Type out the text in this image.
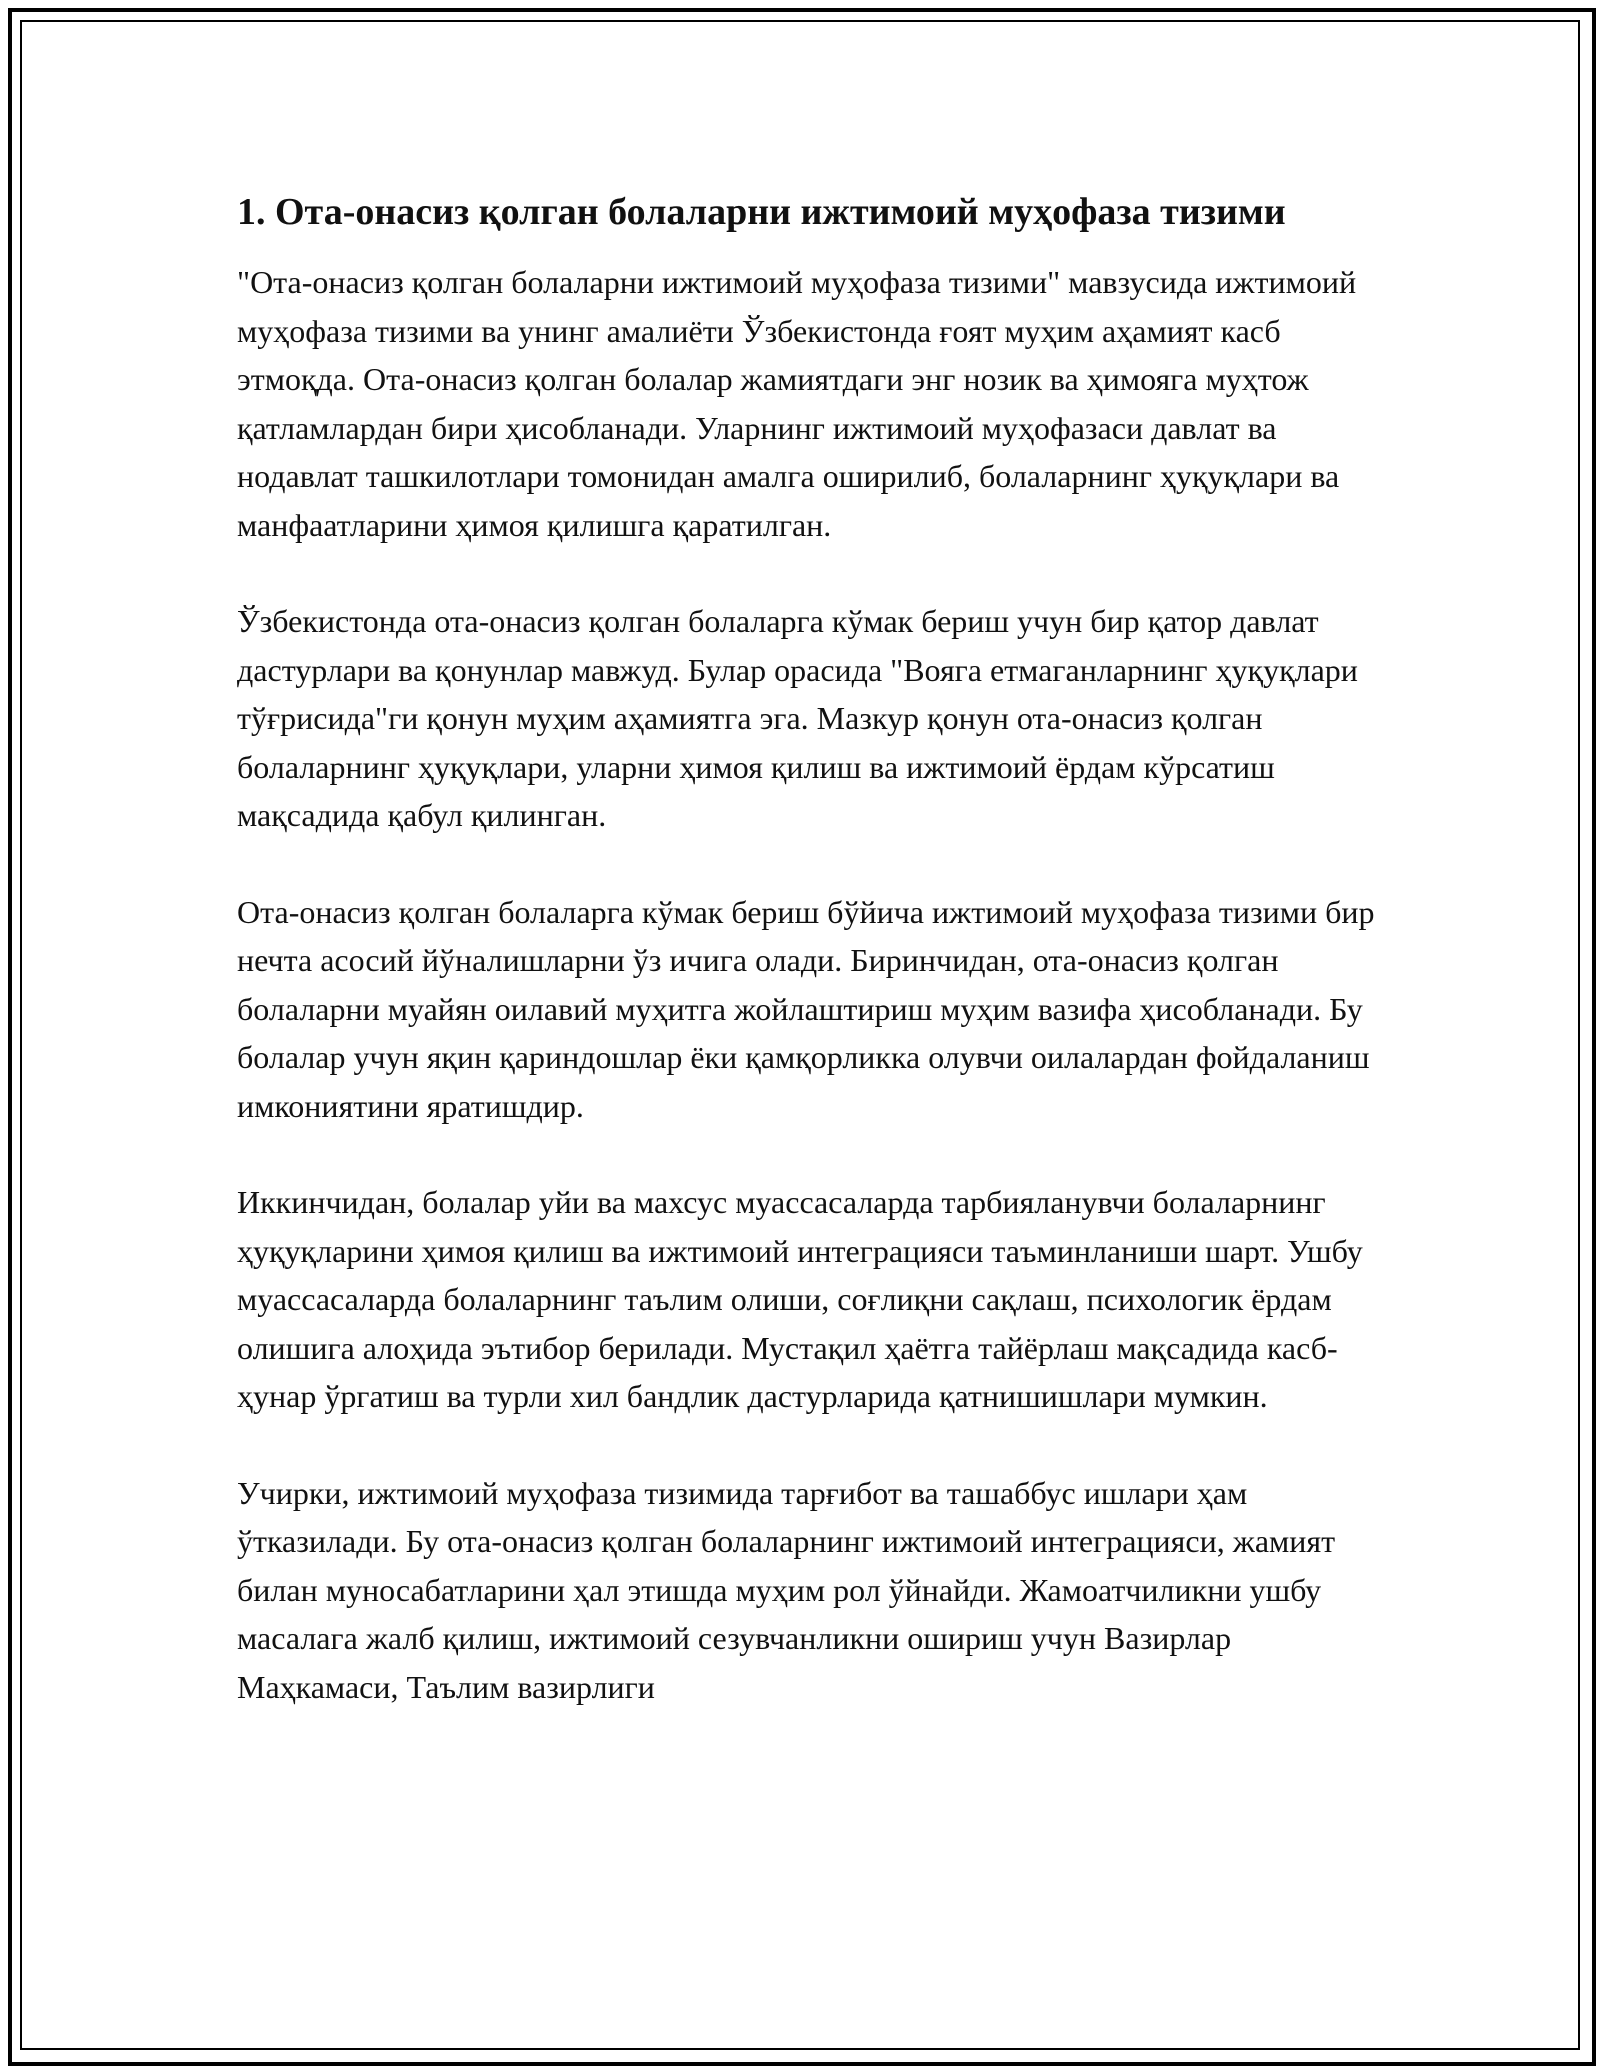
1. Ота-онасиз қолган болаларни ижтимоий муҳофаза тизими

"Ота-онасиз қолган болаларни ижтимоий муҳофаза тизими" мавзусида ижтимоий муҳофаза тизими ва унинг амалиёти Ўзбекистонда ғоят муҳим аҳамият касб этмоқда. Ота-онасиз қолган болалар жамиятдаги энг нозик ва ҳимояга муҳтож қатламлардан бири ҳисобланади. Уларнинг ижтимоий муҳофазаси давлат ва нодавлат ташкилотлари томонидан амалга оширилиб, болаларнинг ҳуқуқлари ва манфаатларини ҳимоя қилишга қаратилган.

Ўзбекистонда ота-онасиз қолган болаларга кўмак бериш учун бир қатор давлат дастурлари ва қонунлар мавжуд. Булар орасида "Вояга етмаганларнинг ҳуқуқлари тўғрисида"ги қонун муҳим аҳамиятга эга. Мазкур қонун ота-онасиз қолган болаларнинг ҳуқуқлари, уларни ҳимоя қилиш ва ижтимоий ёрдам кўрсатиш мақсадида қабул қилинган.

Ота-онасиз қолган болаларга кўмак бериш бўйича ижтимоий муҳофаза тизими бир нечта асосий йўналишларни ўз ичига олади. Биринчидан, ота-онасиз қолган болаларни муайян оилавий муҳитга жойлаштириш муҳим вазифа ҳисобланади. Бу болалар учун яқин қариндошлар ёки қамқорликка олувчи оилалардан фойдаланиш имкониятини яратишдир.

Иккинчидан, болалар уйи ва махсус муассасаларда тарбияланувчи болаларнинг ҳуқуқларини ҳимоя қилиш ва ижтимоий интеграцияси таъминланиши шарт. Ушбу муассасаларда болаларнинг таълим олиши, соғлиқни сақлаш, психологик ёрдам олишига алоҳида эътибор берилади. Мустақил ҳаётга тайёрлаш мақсадида касб-ҳунар ўргатиш ва турли хил бандлик дастурларида қатнишишлари мумкин.

Учирки, ижтимоий муҳофаза тизимида тарғибот ва ташаббус ишлари ҳам ўтказилади. Бу ота-онасиз қолган болаларнинг ижтимоий интеграцияси, жамият билан муносабатларини ҳал этишда муҳим рол ўйнайди. Жамоатчиликни ушбу масалага жалб қилиш, ижтимоий сезувчанликни ошириш учун Вазирлар Маҳкамаси, Таълим вазирлиги
